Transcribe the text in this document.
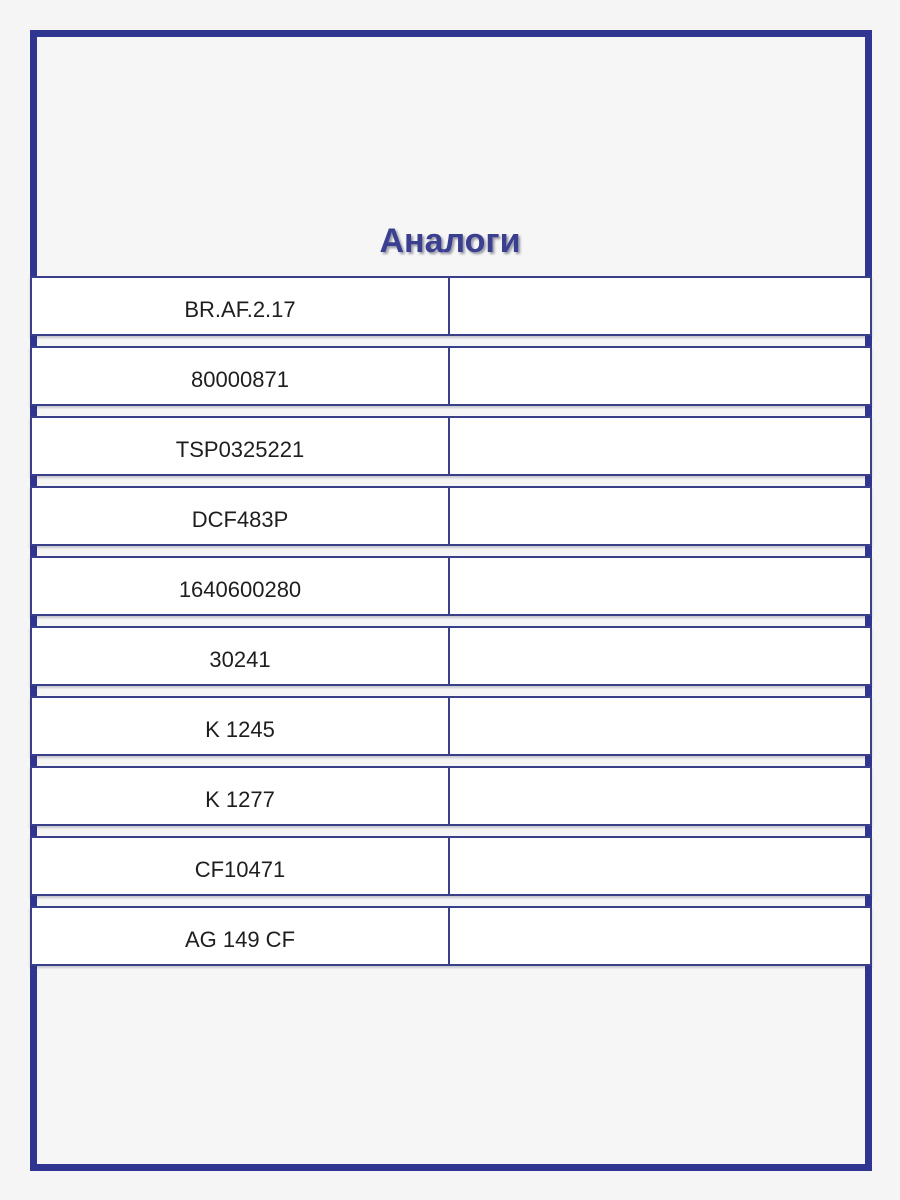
Аналоги
BR.AF.2.17
80000871
TSP0325221
DCF483P
1640600280
30241
K 1245
K 1277
CF10471
AG 149 CF
